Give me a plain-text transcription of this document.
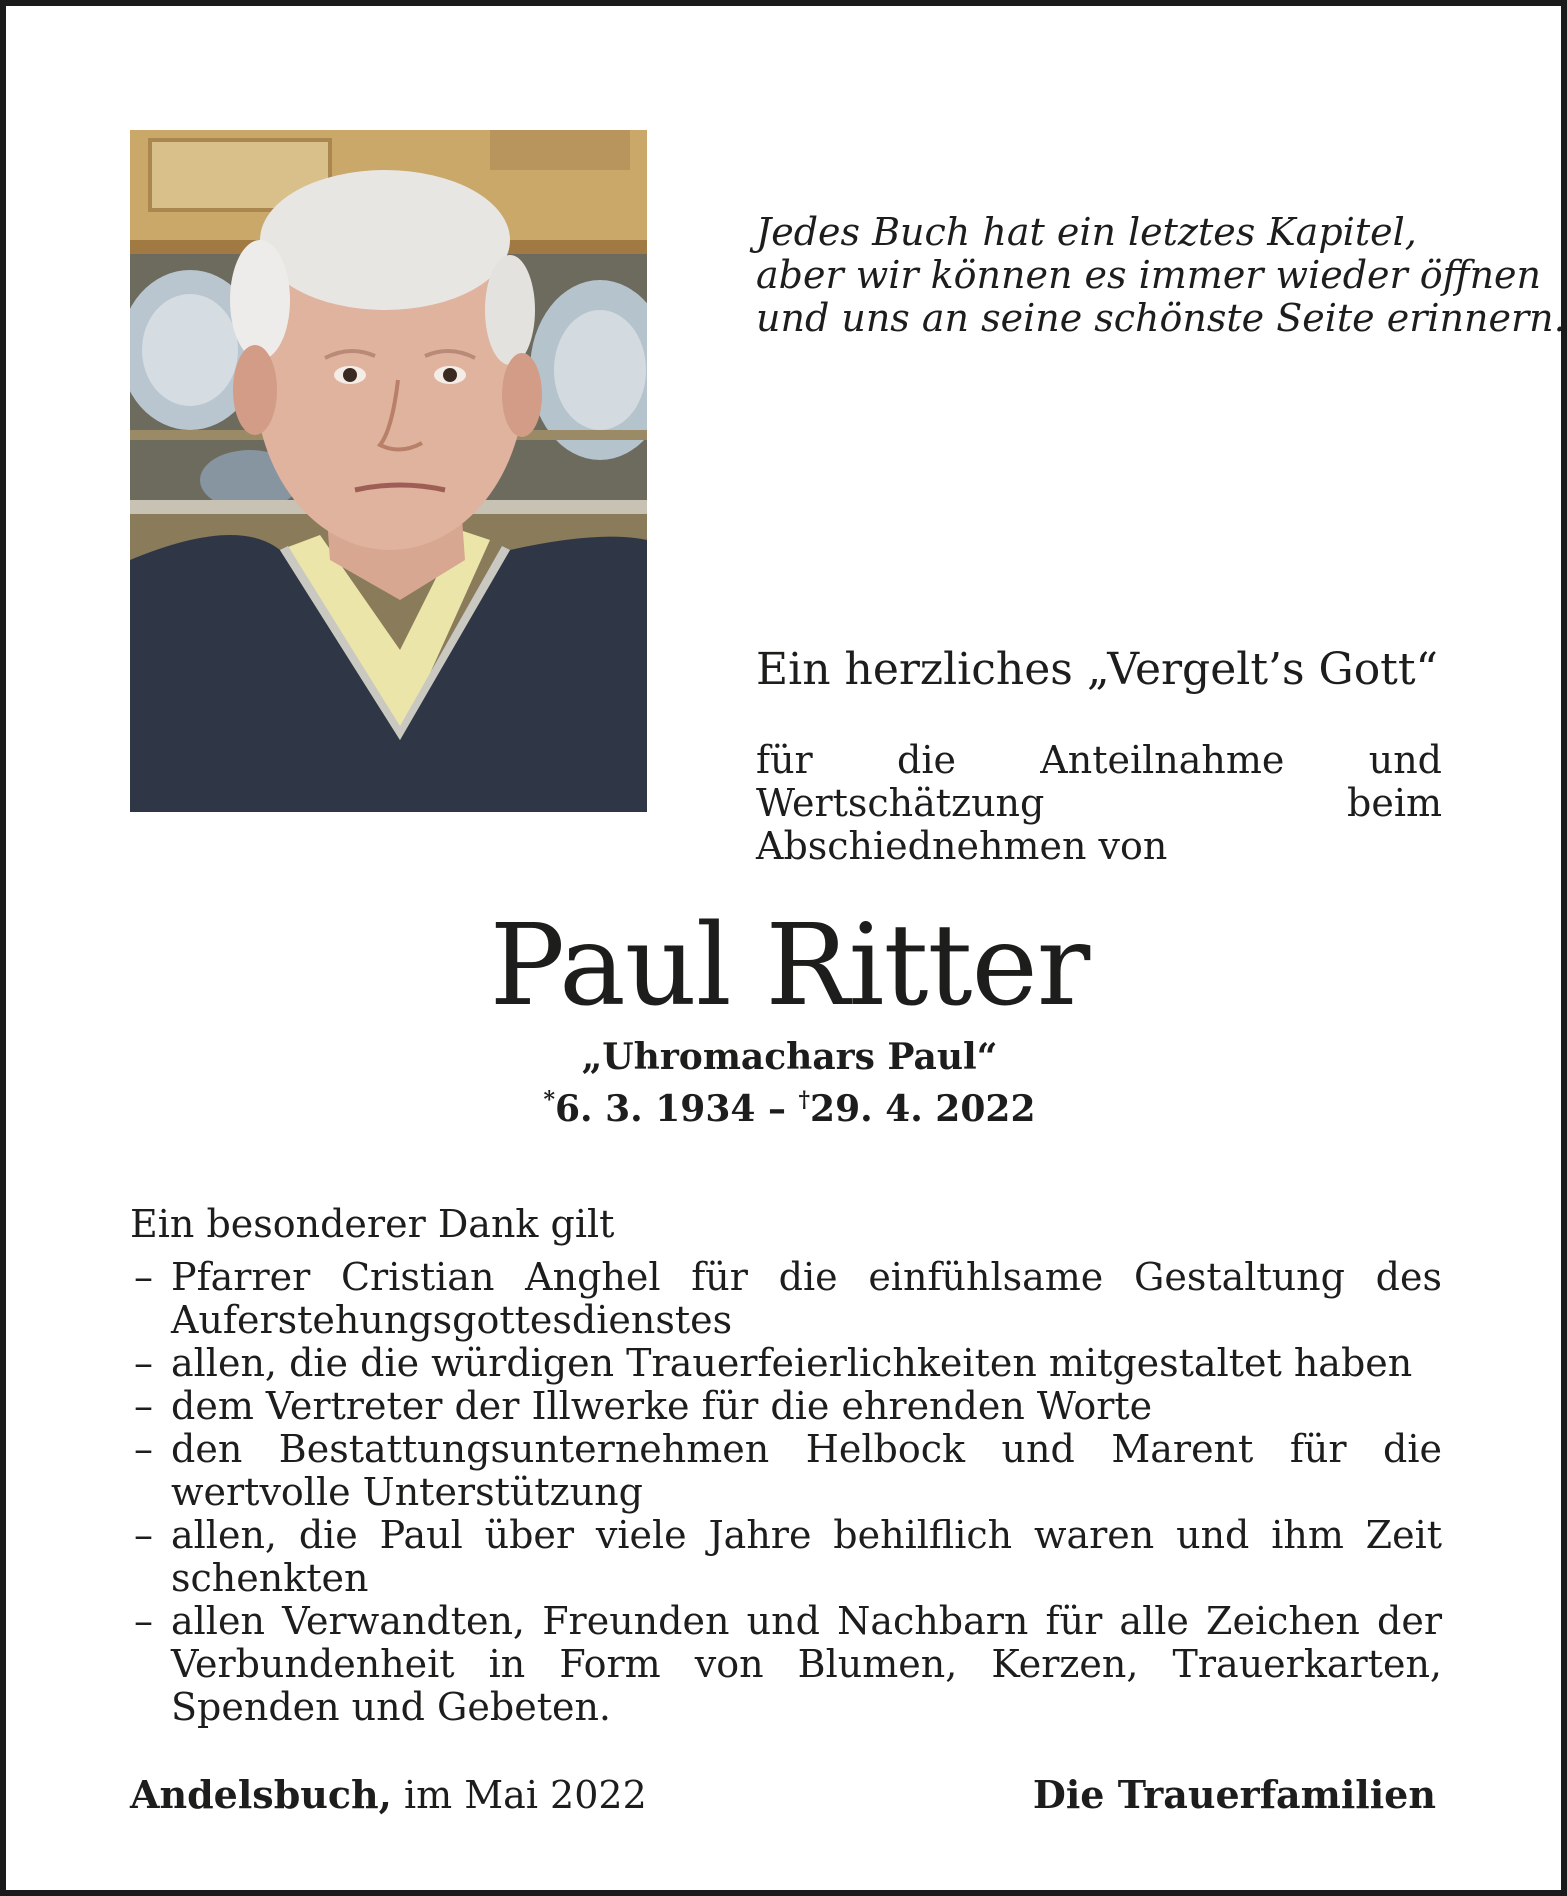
Jedes Buch hat ein letztes Kapitel,
aber wir können es immer wieder öffnen
und uns an seine schönste Seite erinnern.
Ein herzliches „Vergelt’s Gott“
für die Anteilnahme und Wertschätzung beim Abschiednehmen von
Paul Ritter
„Uhromachars Paul“
*6. 3. 1934 – †29. 4. 2022
Ein besonderer Dank gilt
– Pfarrer Cristian Anghel für die einfühlsame Gestaltung des Auferstehungsgottesdienstes
– allen, die die würdigen Trauerfeierlichkeiten mitgestaltet haben
– dem Vertreter der Illwerke für die ehrenden Worte
– den Bestattungsunternehmen Helbock und Marent für die wertvolle Unterstützung
– allen, die Paul über viele Jahre behilflich waren und ihm Zeit schenkten
– allen Verwandten, Freunden und Nachbarn für alle Zeichen der Verbundenheit in Form von Blumen, Kerzen, Trauerkarten, Spenden und Gebeten.
Andelsbuch, im Mai 2022	Die Trauerfamilien
